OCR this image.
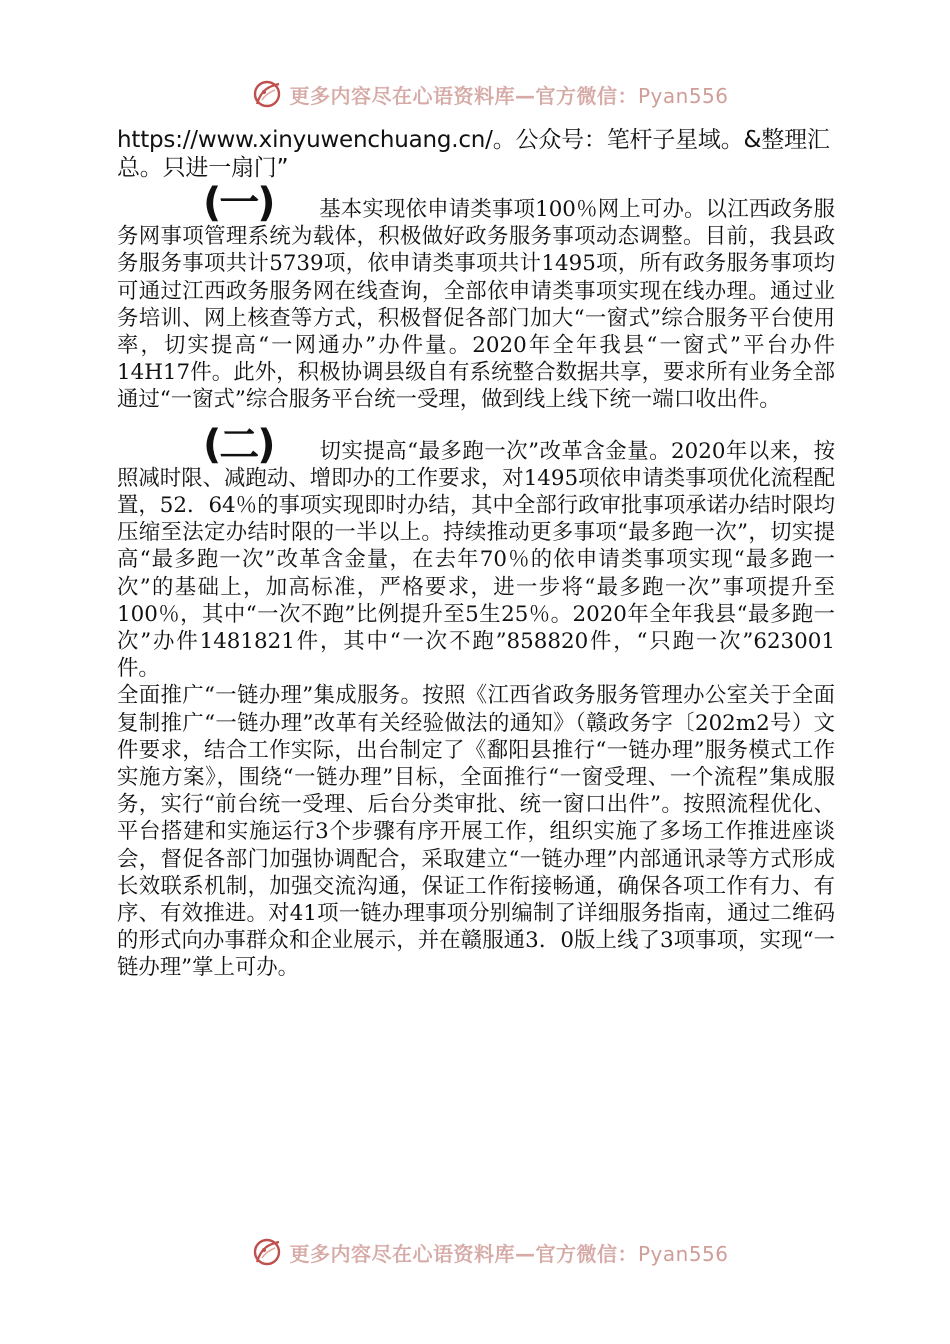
更多内容尽在心语资料库—官方微信：Pyan556

https://www.xinyuwenchuang.cn/。公众号：笔杆子星域。&整理汇总。只进一扇门”

(一) 基本实现依申请类事项100％网上可办。以江西政务服务网事项管理系统为载体，积极做好政务服务事项动态调整。目前，我县政务服务事项共计5739项，依申请类事项共计1495项，所有政务服务事项均可通过江西政务服务网在线查询，全部依申请类事项实现在线办理。通过业务培训、网上核查等方式，积极督促各部门加大“一窗式”综合服务平台使用率，切实提高“一网通办”办件量。2020年全年我县“一窗式”平台办件14H17件。此外，积极协调县级自有系统整合数据共享，要求所有业务全部通过“一窗式”综合服务平台统一受理，做到线上线下统一端口收出件。

(二) 切实提高“最多跑一次”改革含金量。2020年以来，按照减时限、减跑动、增即办的工作要求，对1495项依申请类事项优化流程配置，52．64％的事项实现即时办结，其中全部行政审批事项承诺办结时限均压缩至法定办结时限的一半以上。持续推动更多事项“最多跑一次”，切实提高“最多跑一次”改革含金量，在去年70％的依申请类事项实现“最多跑一次”的基础上，加高标准，严格要求，进一步将“最多跑一次”事项提升至100％，其中“一次不跑”比例提升至5生25％。2020年全年我县“最多跑一次”办件1481821件，其中“一次不跑”858820件，“只跑一次”623001件。

全面推广“一链办理”集成服务。按照《江西省政务服务管理办公室关于全面复制推广“一链办理”改革有关经验做法的通知》（赣政务字〔202m2号）文件要求，结合工作实际，出台制定了《鄱阳县推行“一链办理”服务模式工作实施方案》，围绕“一链办理”目标，全面推行“一窗受理、一个流程”集成服务，实行“前台统一受理、后台分类审批、统一窗口出件”。按照流程优化、平台搭建和实施运行3个步骤有序开展工作，组织实施了多场工作推进座谈会，督促各部门加强协调配合，采取建立“一链办理”内部通讯录等方式形成长效联系机制，加强交流沟通，保证工作衔接畅通，确保各项工作有力、有序、有效推进。对41项一链办理事项分别编制了详细服务指南，通过二维码的形式向办事群众和企业展示，并在赣服通3．0版上线了3项事项，实现“一链办理”掌上可办。

更多内容尽在心语资料库—官方微信：Pyan556
